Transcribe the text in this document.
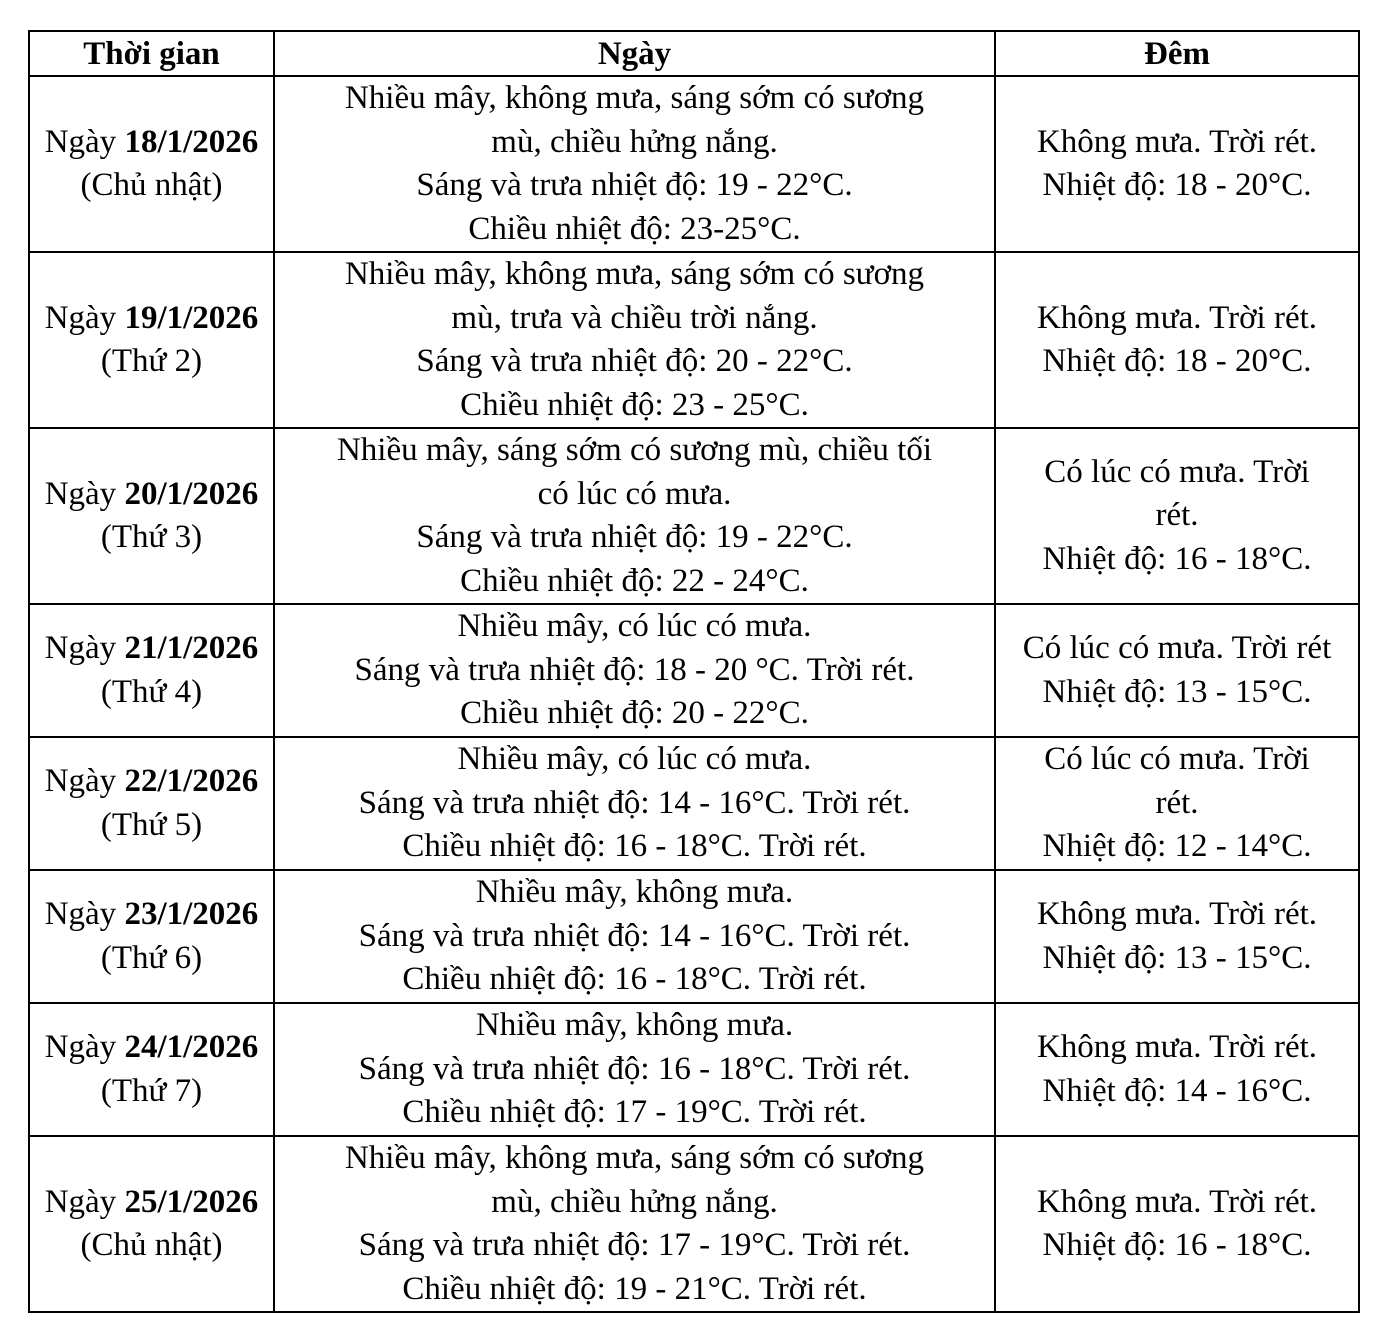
Thời gian	Ngày	Đêm

Ngày 18/1/2026
(Chủ nhật)	Nhiều mây, không mưa, sáng sớm có sương
mù, chiều hửng nắng.
Sáng và trưa nhiệt độ: 19 - 22°C.
Chiều nhiệt độ: 23-25°C.	Không mưa. Trời rét.
Nhiệt độ: 18 - 20°C.

Ngày 19/1/2026
(Thứ 2)	Nhiều mây, không mưa, sáng sớm có sương
mù, trưa và chiều trời nắng.
Sáng và trưa nhiệt độ: 20 - 22°C.
Chiều nhiệt độ: 23 - 25°C.	Không mưa. Trời rét.
Nhiệt độ: 18 - 20°C.

Ngày 20/1/2026
(Thứ 3)	Nhiều mây, sáng sớm có sương mù, chiều tối
có lúc có mưa.
Sáng và trưa nhiệt độ: 19 - 22°C.
Chiều nhiệt độ: 22 - 24°C.	Có lúc có mưa. Trời
rét.
Nhiệt độ: 16 - 18°C.

Ngày 21/1/2026
(Thứ 4)	Nhiều mây, có lúc có mưa.
Sáng và trưa nhiệt độ: 18 - 20 °C. Trời rét.
Chiều nhiệt độ: 20 - 22°C.	Có lúc có mưa. Trời rét
Nhiệt độ: 13 - 15°C.

Ngày 22/1/2026
(Thứ 5)	Nhiều mây, có lúc có mưa.
Sáng và trưa nhiệt độ: 14 - 16°C. Trời rét.
Chiều nhiệt độ: 16 - 18°C. Trời rét.	Có lúc có mưa. Trời
rét.
Nhiệt độ: 12 - 14°C.

Ngày 23/1/2026
(Thứ 6)	Nhiều mây, không mưa.
Sáng và trưa nhiệt độ: 14 - 16°C. Trời rét.
Chiều nhiệt độ: 16 - 18°C. Trời rét.	Không mưa. Trời rét.
Nhiệt độ: 13 - 15°C.

Ngày 24/1/2026
(Thứ 7)	Nhiều mây, không mưa.
Sáng và trưa nhiệt độ: 16 - 18°C. Trời rét.
Chiều nhiệt độ: 17 - 19°C. Trời rét.	Không mưa. Trời rét.
Nhiệt độ: 14 - 16°C.

Ngày 25/1/2026
(Chủ nhật)	Nhiều mây, không mưa, sáng sớm có sương
mù, chiều hửng nắng.
Sáng và trưa nhiệt độ: 17 - 19°C. Trời rét.
Chiều nhiệt độ: 19 - 21°C. Trời rét.	Không mưa. Trời rét.
Nhiệt độ: 16 - 18°C.
